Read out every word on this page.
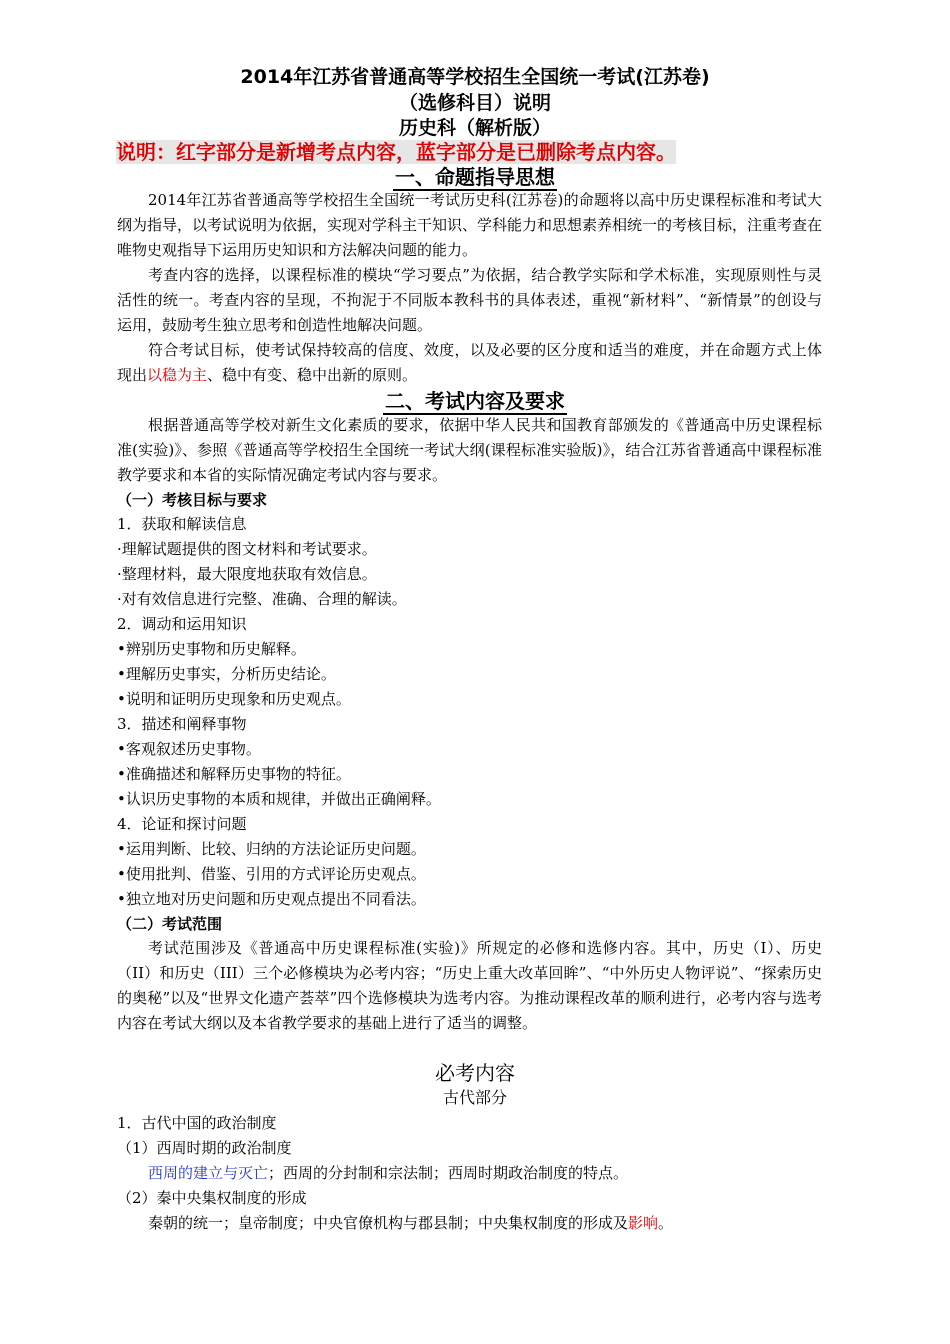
2014年江苏省普通高等学校招生全国统一考试(江苏卷)
（选修科目）说明
历史科（解析版）
说明：红字部分是新增考点内容，蓝字部分是已删除考点内容。
一、命题指导思想
2014年江苏省普通高等学校招生全国统一考试历史科(江苏卷)的命题将以高中历史课程标准和考试大纲为指导，以考试说明为依据，实现对学科主干知识、学科能力和思想素养相统一的考核目标，注重考查在唯物史观指导下运用历史知识和方法解决问题的能力。
考查内容的选择，以课程标准的模块“学习要点”为依据，结合教学实际和学术标准，实现原则性与灵活性的统一。考查内容的呈现，不拘泥于不同版本教科书的具体表述，重视“新材料”、“新情景”的创设与运用，鼓励考生独立思考和创造性地解决问题。
符合考试目标，使考试保持较高的信度、效度，以及必要的区分度和适当的难度，并在命题方式上体现出以稳为主、稳中有变、稳中出新的原则。
二、考试内容及要求
根据普通高等学校对新生文化素质的要求，依据中华人民共和国教育部颁发的《普通高中历史课程标准(实验)》、参照《普通高等学校招生全国统一考试大纲(课程标准实验版)》，结合江苏省普通高中课程标准教学要求和本省的实际情况确定考试内容与要求。
（一）考核目标与要求
1．获取和解读信息
·理解试题提供的图文材料和考试要求。
·整理材料，最大限度地获取有效信息。
·对有效信息进行完整、准确、合理的解读。
2．调动和运用知识
•辨别历史事物和历史解释。
•理解历史事实，分析历史结论。
•说明和证明历史现象和历史观点。
3．描述和阐释事物
•客观叙述历史事物。
•准确描述和解释历史事物的特征。
•认识历史事物的本质和规律，并做出正确阐释。
4．论证和探讨问题
•运用判断、比较、归纳的方法论证历史问题。
•使用批判、借鉴、引用的方式评论历史观点。
•独立地对历史问题和历史观点提出不同看法。
（二）考试范围
考试范围涉及《普通高中历史课程标准(实验)》所规定的必修和选修内容。其中，历史（I）、历史（II）和历史（III）三个必修模块为必考内容；“历史上重大改革回眸”、“中外历史人物评说”、“探索历史的奥秘”以及“世界文化遗产荟萃”四个选修模块为选考内容。为推动课程改革的顺利进行，必考内容与选考内容在考试大纲以及本省教学要求的基础上进行了适当的调整。
必考内容
古代部分
1．古代中国的政治制度
（1）西周时期的政治制度
西周的建立与灭亡；西周的分封制和宗法制；西周时期政治制度的特点。
（2）秦中央集权制度的形成
秦朝的统一；皇帝制度；中央官僚机构与郡县制；中央集权制度的形成及影响。
